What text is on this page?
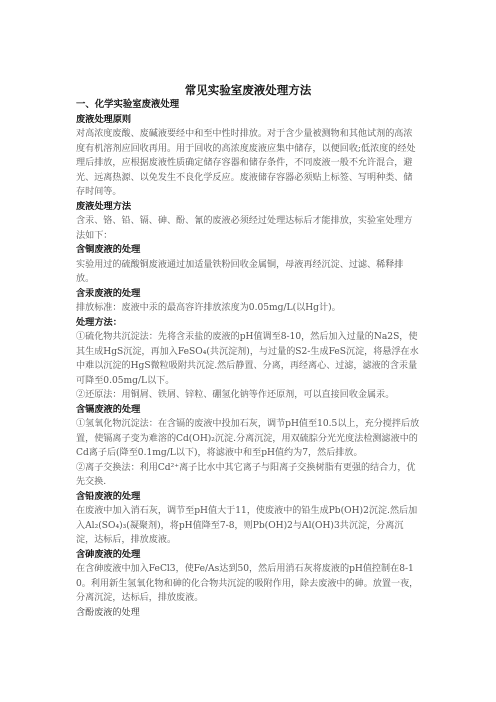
常见实验室废液处理方法

一、化学实验室废液处理

废液处理原则

对高浓度废酸、废碱液要经中和至中性时排放。对于含少量被测物和其他试剂的高浓度有机溶剂应回收再用。用于回收的高浓度废液应集中储存，以便回收;低浓度的经处理后排放，应根据废液性质确定储存容器和储存条件，不同废液一般不允许混合，避光、远离热源、以免发生不良化学反应。废液储存容器必须贴上标签、写明种类、储存时间等。

废液处理方法

含汞、铬、铅、镉、砷、酚、氰的废液必须经过处理达标后才能排放，实验室处理方法如下：

含铜废液的处理

实验用过的硫酸铜废液通过加适量铁粉回收金属铜，母液再经沉淀、过滤、稀释排放。

含汞废液的处理

排放标准：废液中汞的最高容许排放浓度为0.05mg/L(以Hg计)。

处理方法：

①硫化物共沉淀法：先将含汞盐的废液的pH值调至8-10，然后加入过量的Na2S，使其生成HgS沉淀，再加入FeSO₄(共沉淀剂)，与过量的S2-生成FeS沉淀，将悬浮在水中难以沉淀的HgS微粒吸附共沉淀.然后静置、分离，再经离心、过滤，滤液的含汞量可降至0.05mg/L以下。

②还原法：用铜屑、铁屑、锌粒、硼氢化钠等作还原剂，可以直接回收金属汞。

含镉废液的处理

①氢氧化物沉淀法：在含镉的废液中投加石灰，调节pH值至10.5以上，充分搅拌后放置，使镉离子变为难溶的Cd(OH)₂沉淀.分离沉淀，用双硫腙分光光度法检测滤液中的Cd离子后(降至0.1mg/L以下)，将滤液中和至pH值约为7，然后排放。

②离子交换法：利用Cd²⁺离子比水中其它离子与阳离子交换树脂有更强的结合力，优先交换.

含铅废液的处理

在废液中加入消石灰，调节至pH值大于11，使废液中的铅生成Pb(OH)2沉淀.然后加入Al₂(SO₄)₃(凝聚剂)，将pH值降至7-8，则Pb(OH)2与Al(OH)3共沉淀，分离沉淀，达标后，排放废液。

含砷废液的处理

在含砷废液中加入FeCl3，使Fe/As达到50，然后用消石灰将废液的pH值控制在8-10。利用新生氢氧化物和砷的化合物共沉淀的吸附作用，除去废液中的砷。放置一夜，分离沉淀，达标后，排放废液。

含酚废液的处理
